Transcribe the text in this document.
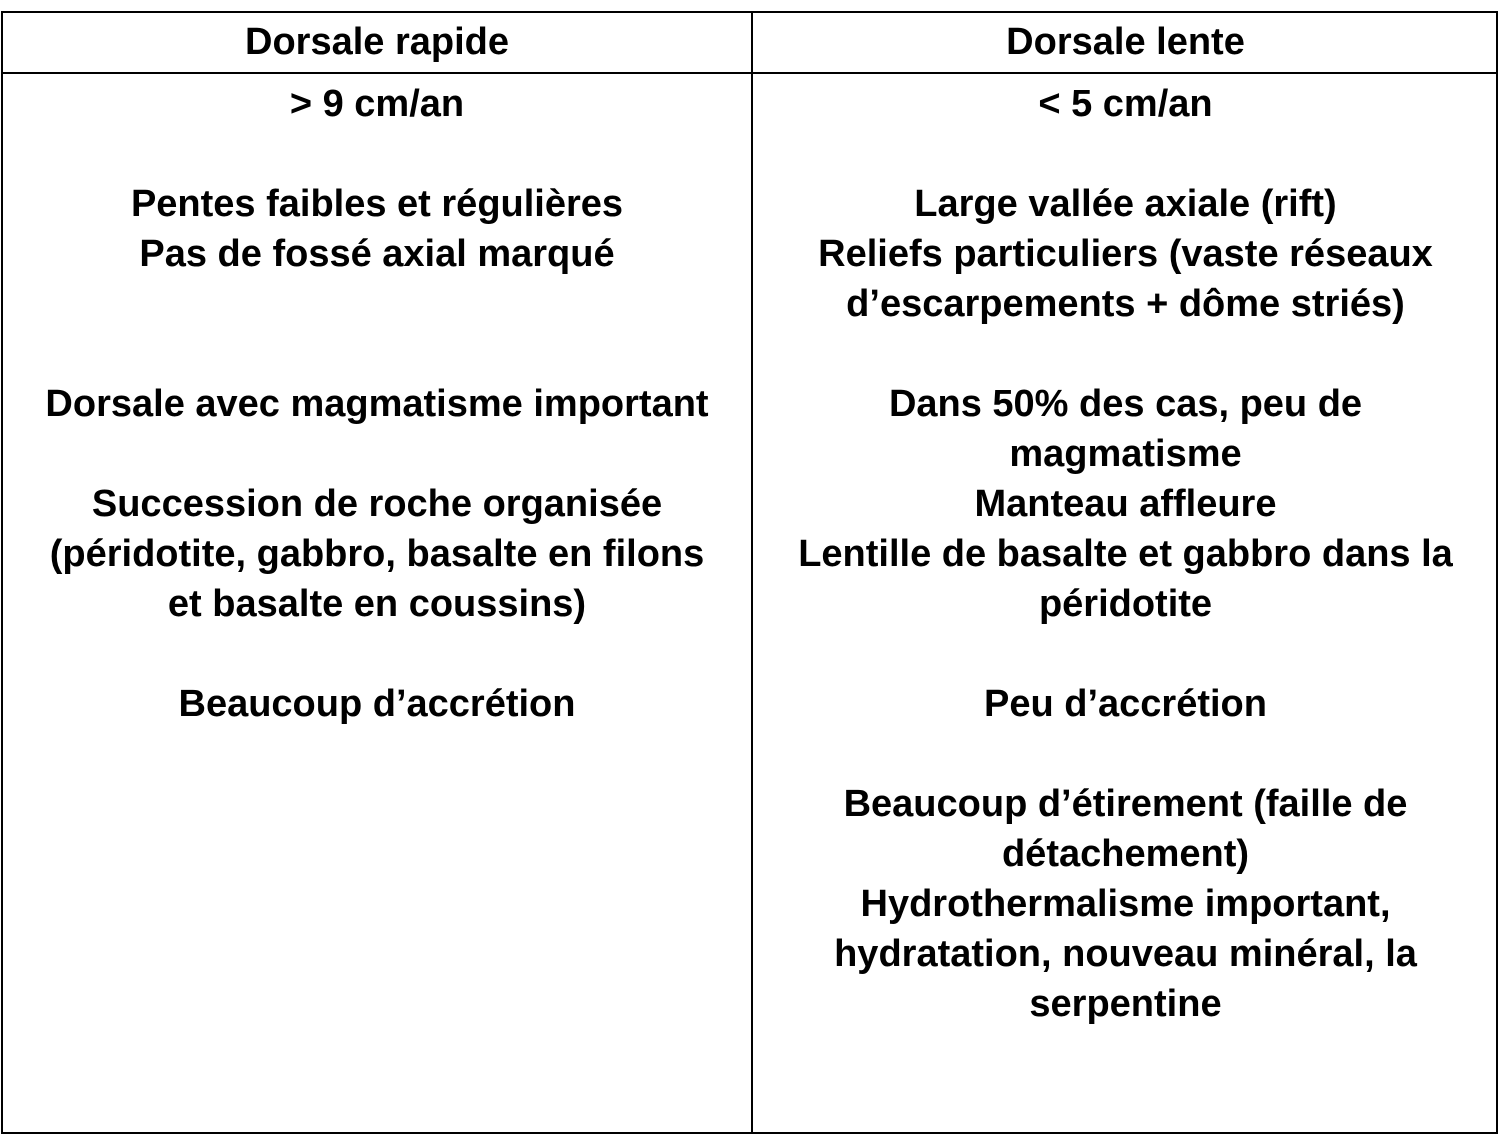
Dorsale rapide	Dorsale lente
> 9 cm/an
Pentes faibles et régulières
Pas de fossé axial marqué
Dorsale avec magmatisme important
Succession de roche organisée
(péridotite, gabbro, basalte en filons
et basalte en coussins)
Beaucoup d’accrétion
< 5 cm/an
Large vallée axiale (rift)
Reliefs particuliers (vaste réseaux
d’escarpements + dôme striés)
Dans 50% des cas, peu de
magmatisme
Manteau affleure
Lentille de basalte et gabbro dans la
péridotite
Peu d’accrétion
Beaucoup d’étirement (faille de
détachement)
Hydrothermalisme important,
hydratation, nouveau minéral, la
serpentine
